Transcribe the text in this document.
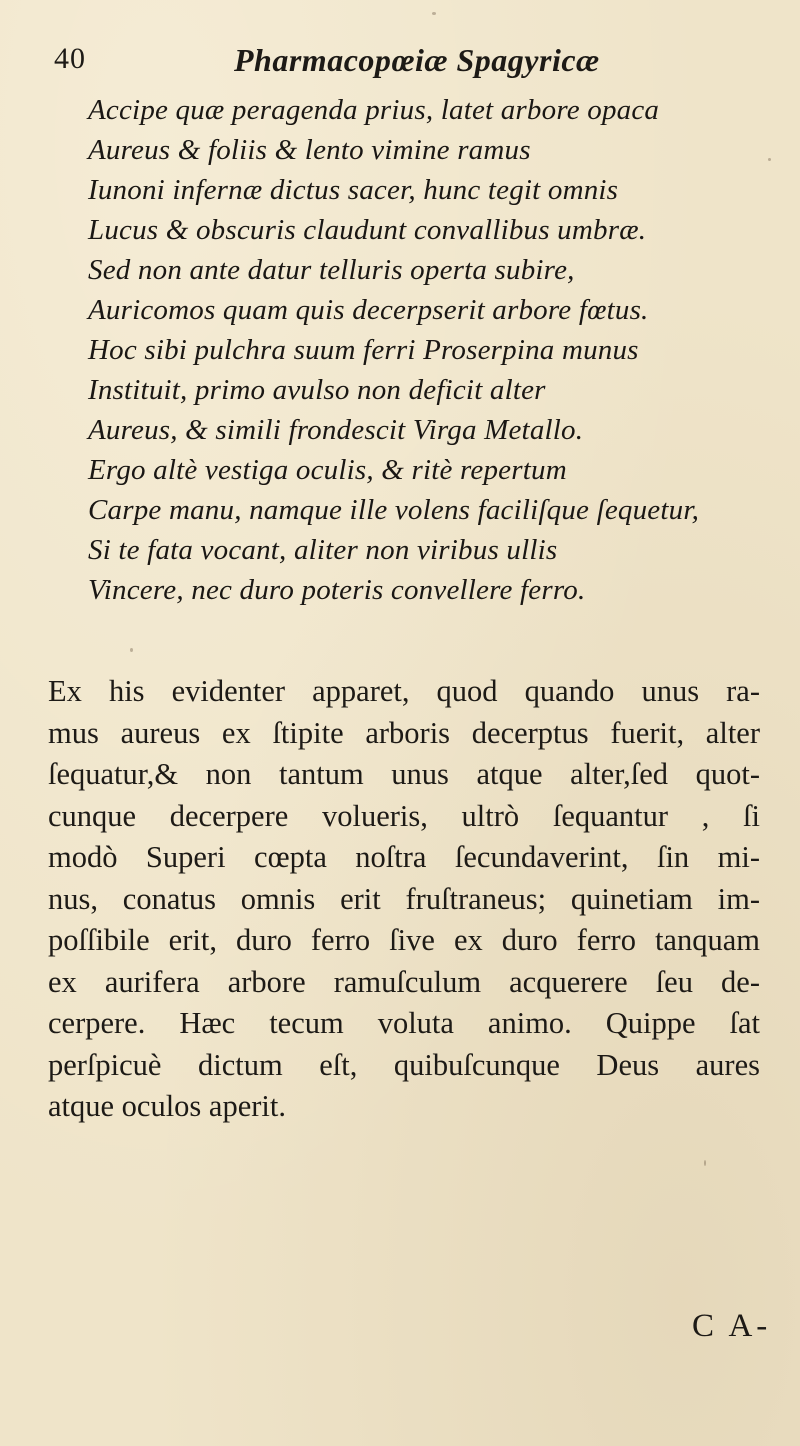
40	Pharmacopœiæ Spagyricæ
Accipe quæ peragenda prius, latet arbore opaca
Aureus & foliis & lento vimine ramus
Iunoni infernæ dictus sacer, hunc tegit omnis
Lucus & obscuris claudunt convallibus umbræ.
Sed non ante datur telluris operta subire,
Auricomos quam quis decerpserit arbore fœtus.
Hoc sibi pulchra suum ferri Proserpina munus
Instituit, primo avulso non deficit alter
Aureus, & simili frondescit Virga Metallo.
Ergo altè vestiga oculis, & ritè repertum
Carpe manu, namque ille volens faciliſque ſequetur,
Si te fata vocant, aliter non viribus ullis
Vincere, nec duro poteris convellere ferro.
Ex his evidenter apparet, quod quando unus ra-
mus aureus ex ſtipite arboris decerptus fuerit, alter
ſequatur,& non tantum unus atque alter,ſed quot-
cunque decerpere volueris, ultrò ſequantur , ſi
modò Superi cœpta noſtra ſecundaverint, ſin mi-
nus, conatus omnis erit fruſtraneus; quinetiam im-
poſſibile erit, duro ferro ſive ex duro ferro tanquam
ex aurifera arbore ramuſculum acquerere ſeu de-
cerpere. Hæc tecum voluta animo. Quippe ſat
perſpicuè dictum eſt, quibuſcunque Deus aures
atque oculos aperit.
C A-
